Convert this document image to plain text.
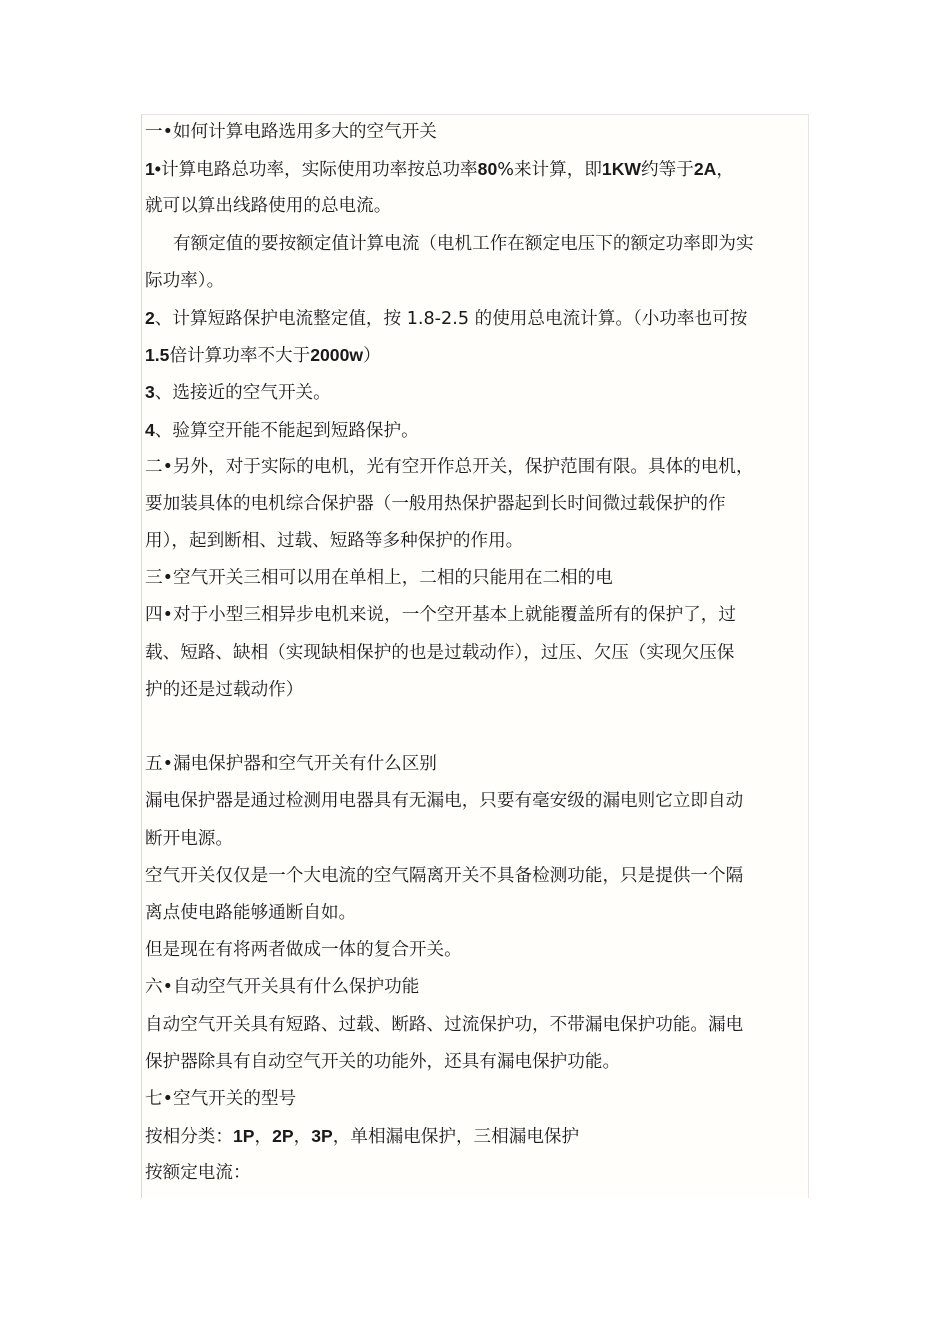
一•如何计算电路选用多大的空气开关
1•计算电路总功率，实际使用功率按总功率80%来计算，即1KW约等于2A，
就可以算出线路使用的总电流。
有额定值的要按额定值计算电流（电机工作在额定电压下的额定功率即为实
际功率）。
2、计算短路保护电流整定值，按 1.8-2.5 的使用总电流计算。（小功率也可按
1.5倍计算功率不大于2000w）
3、选接近的空气开关。
4、验算空开能不能起到短路保护。
二•另外，对于实际的电机，光有空开作总开关，保护范围有限。具体的电机，
要加装具体的电机综合保护器（一般用热保护器起到长时间微过载保护的作
用），起到断相、过载、短路等多种保护的作用。
三•空气开关三相可以用在单相上，二相的只能用在二相的电
四•对于小型三相异步电机来说，一个空开基本上就能覆盖所有的保护了，过
载、短路、缺相（实现缺相保护的也是过载动作），过压、欠压（实现欠压保
护的还是过载动作）
五•漏电保护器和空气开关有什么区别
漏电保护器是通过检测用电器具有无漏电，只要有毫安级的漏电则它立即自动
断开电源。
空气开关仅仅是一个大电流的空气隔离开关不具备检测功能，只是提供一个隔
离点使电路能够通断自如。
但是现在有将两者做成一体的复合开关。
六•自动空气开关具有什么保护功能
自动空气开关具有短路、过载、断路、过流保护功，不带漏电保护功能。漏电
保护器除具有自动空气开关的功能外，还具有漏电保护功能。
七•空气开关的型号
按相分类：1P，2P，3P，单相漏电保护，三相漏电保护
按额定电流：
